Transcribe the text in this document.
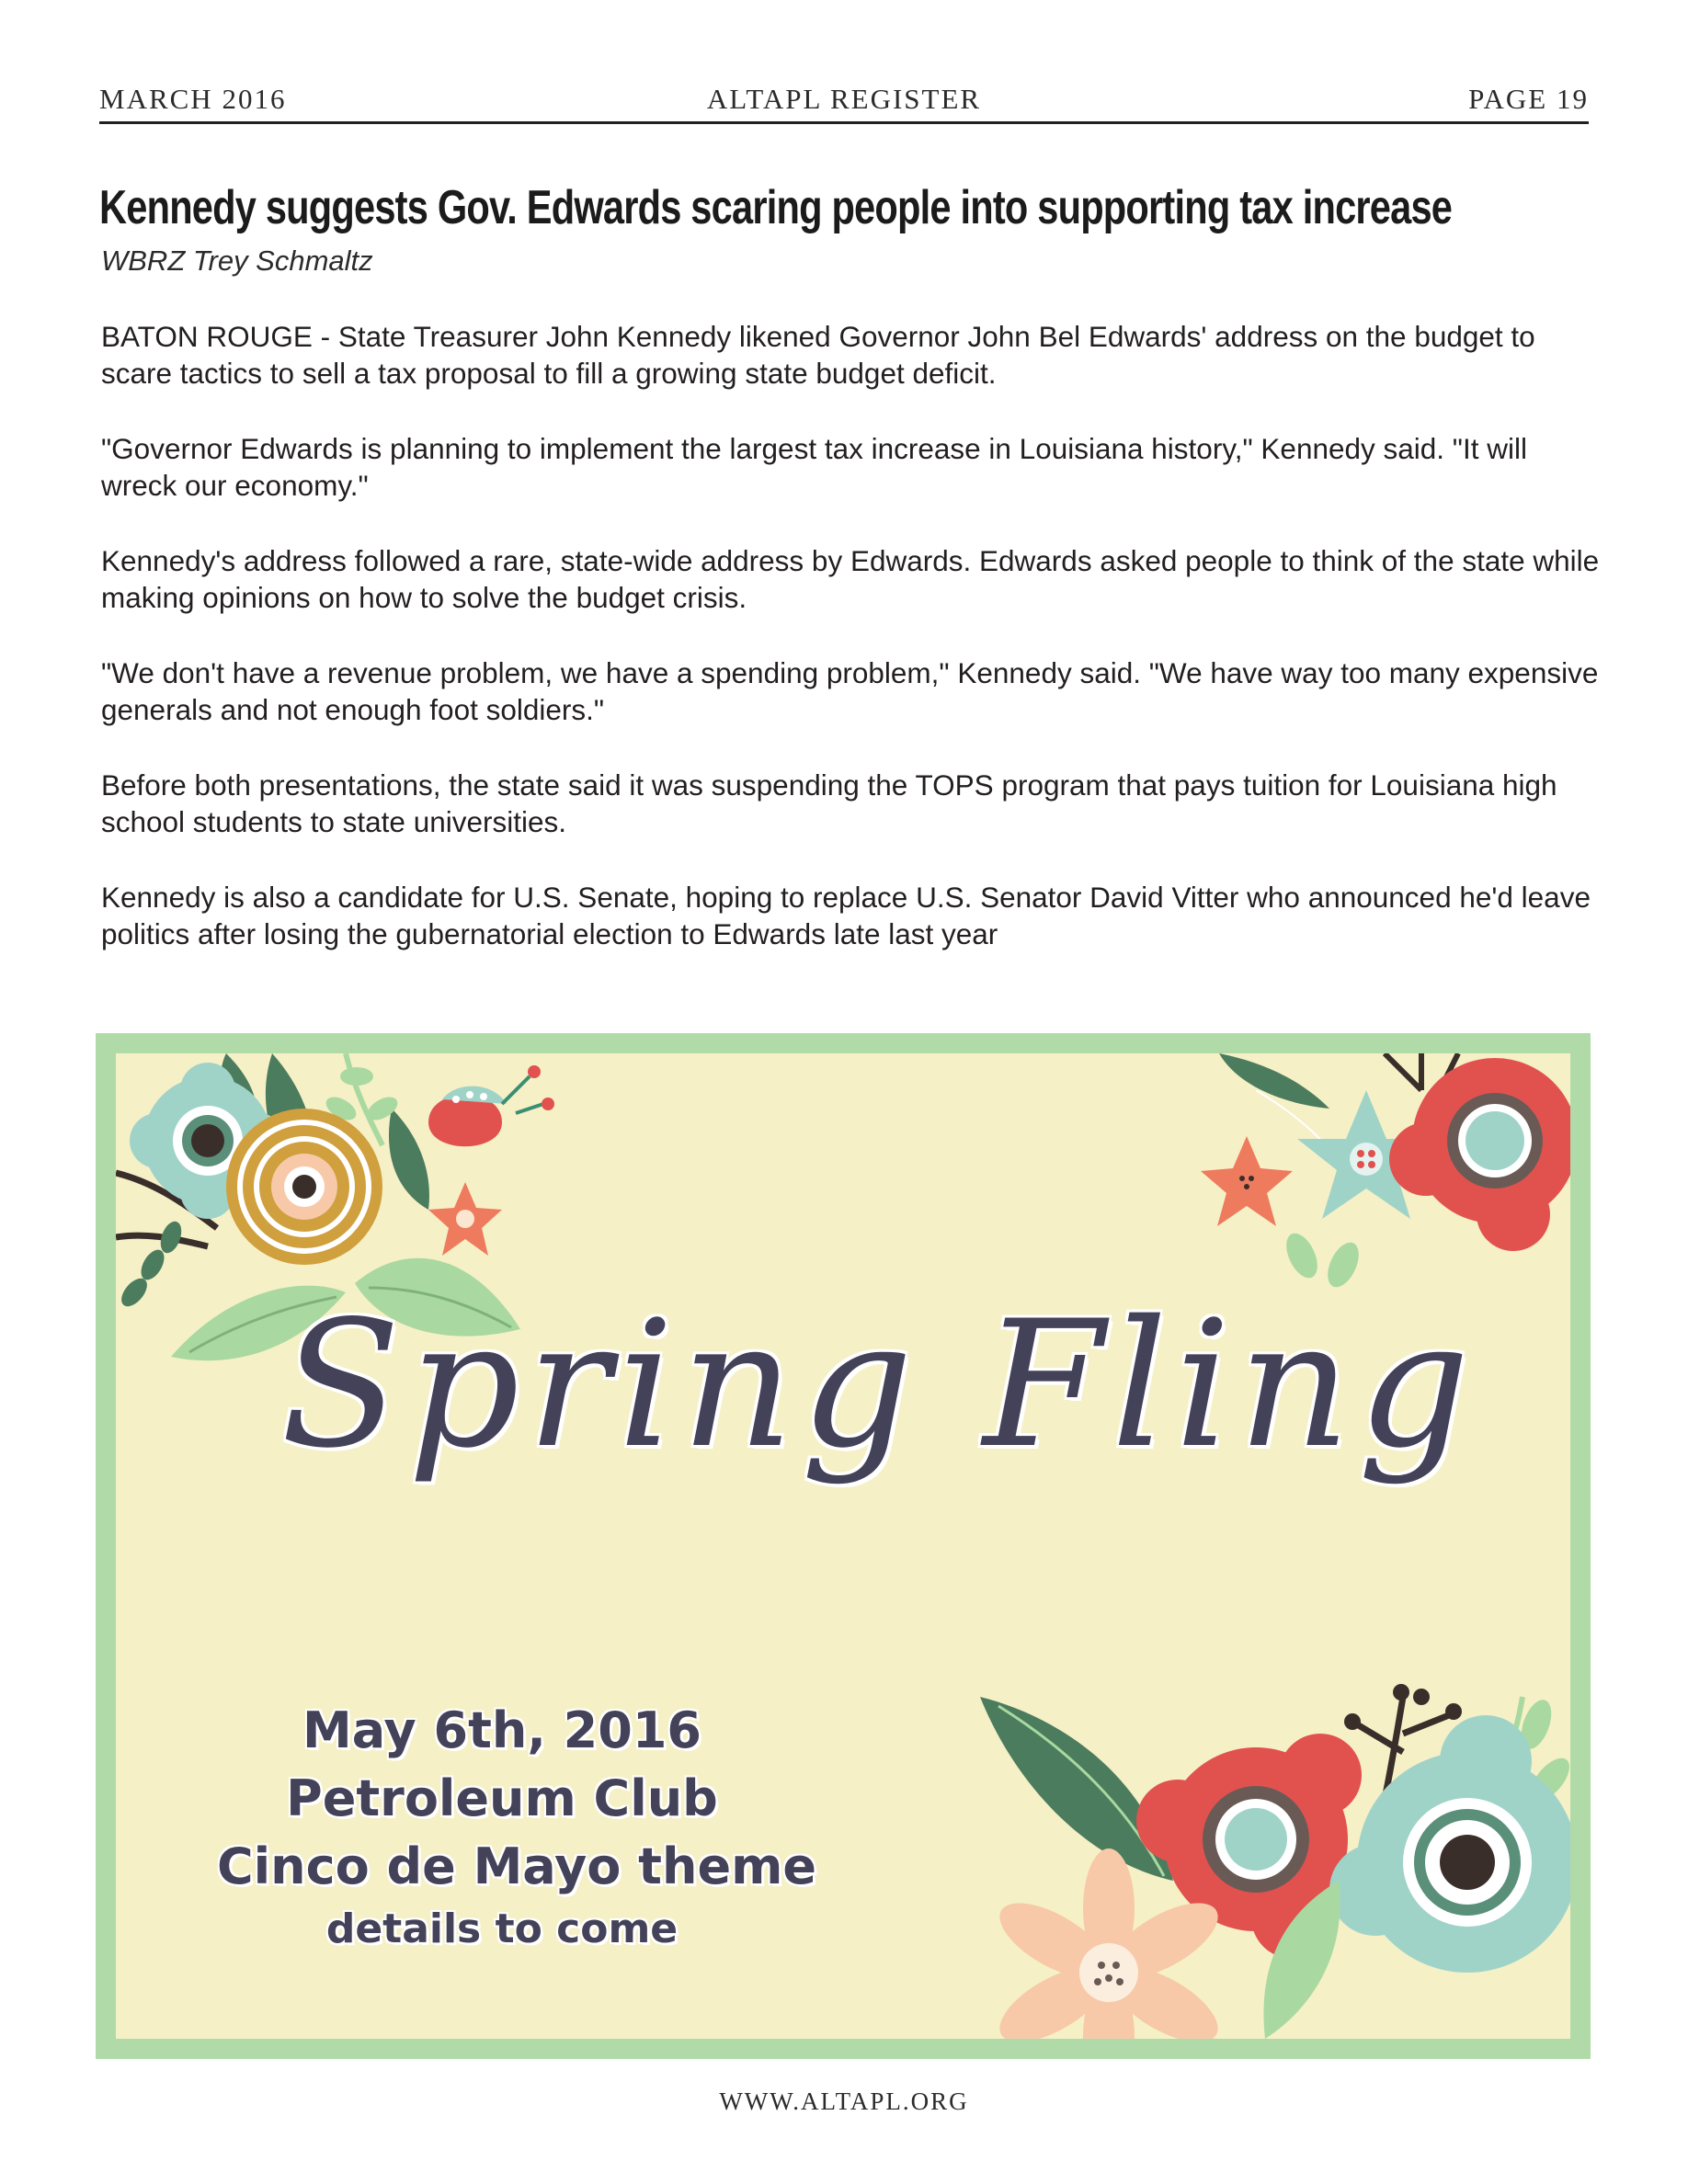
MARCH 2016	ALTAPL REGISTER	PAGE 19
Kennedy suggests Gov. Edwards scaring people into supporting tax increase
WBRZ Trey Schmaltz

BATON ROUGE - State Treasurer John Kennedy likened Governor John Bel Edwards' address on the budget to scare tactics to sell a tax proposal to fill a growing state budget deficit.

"Governor Edwards is planning to implement the largest tax increase in Louisiana history," Kennedy said. "It will wreck our economy."

Kennedy's address followed a rare, state-wide address by Edwards. Edwards asked people to think of the state while making opinions on how to solve the budget crisis.

"We don't have a revenue problem, we have a spending problem," Kennedy said. "We have way too many expensive generals and not enough foot soldiers."

Before both presentations, the state said it was suspending the TOPS program that pays tuition for Louisiana high school students to state universities.

Kennedy is also a candidate for U.S. Senate, hoping to replace U.S. Senator David Vitter who announced he'd leave politics after losing the gubernatorial election to Edwards late last year

Spring Fling
May 6th, 2016
Petroleum Club
Cinco de Mayo theme
details to come
WWW.ALTAPL.ORG
